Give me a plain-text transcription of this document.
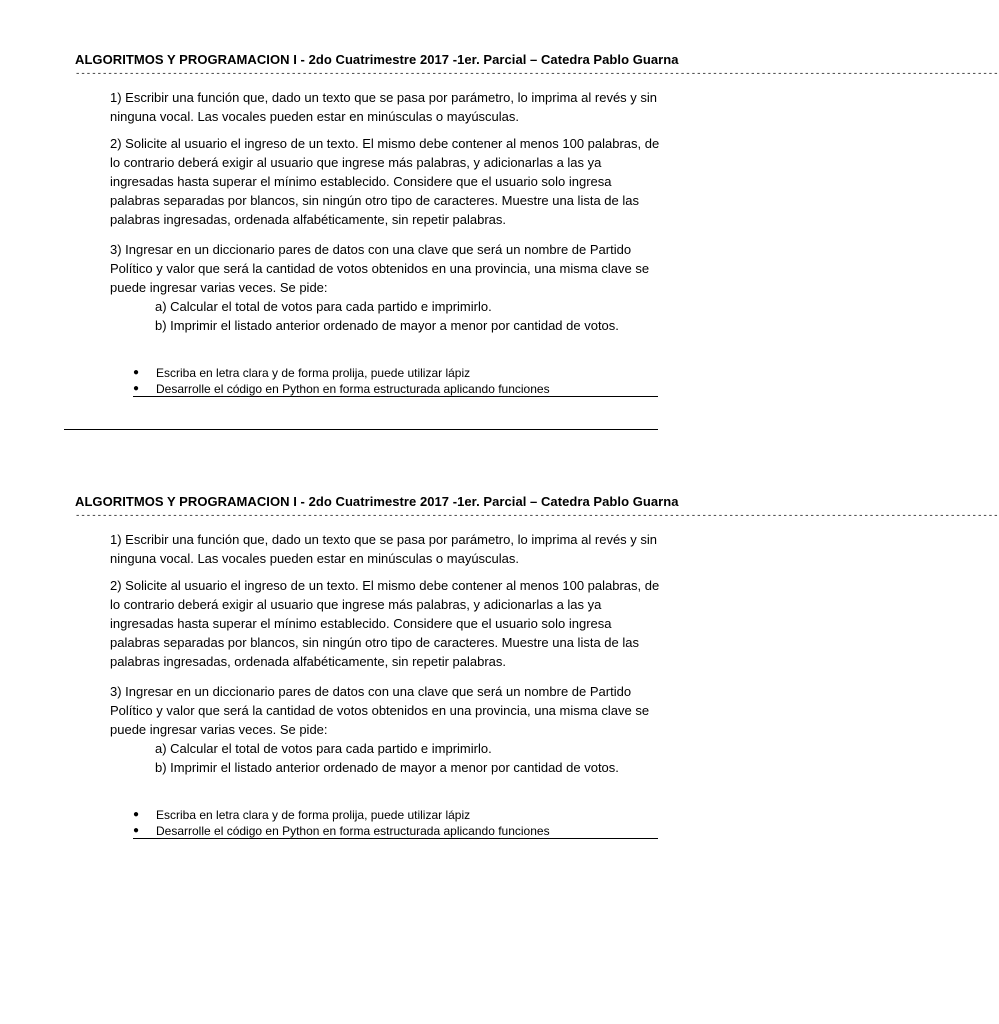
ALGORITMOS Y PROGRAMACION I - 2do Cuatrimestre 2017 -1er. Parcial – Catedra Pablo Guarna
---------------------------------------------------------------------------------------------------------------------------------------------------------------------------
1) Escribir una función que, dado un texto que se pasa por parámetro, lo imprima al revés y sin ninguna vocal. Las vocales pueden estar en minúsculas o mayúsculas.
2) Solicite al usuario el ingreso de un texto. El mismo debe contener al menos 100 palabras, de lo contrario deberá exigir al usuario que ingrese más palabras, y adicionarlas a las ya ingresadas hasta superar el mínimo establecido. Considere que el usuario solo ingresa palabras separadas por blancos, sin ningún otro tipo de caracteres. Muestre una lista de las palabras ingresadas, ordenada alfabéticamente, sin repetir palabras.
3) Ingresar en un diccionario pares de datos con una clave que será un nombre de Partido Político y valor que será la cantidad de votos obtenidos en una provincia, una misma clave se puede ingresar varias veces. Se pide:
a) Calcular el total de votos para cada partido e imprimirlo.
b) Imprimir el listado anterior ordenado de mayor a menor por cantidad de votos.
●	Escriba en letra clara y de forma prolija, puede utilizar lápiz
●	Desarrolle el código en Python en forma estructurada aplicando funciones
ALGORITMOS Y PROGRAMACION I - 2do Cuatrimestre 2017 -1er. Parcial – Catedra Pablo Guarna
---------------------------------------------------------------------------------------------------------------------------------------------------------------------------
1) Escribir una función que, dado un texto que se pasa por parámetro, lo imprima al revés y sin ninguna vocal. Las vocales pueden estar en minúsculas o mayúsculas.
2) Solicite al usuario el ingreso de un texto. El mismo debe contener al menos 100 palabras, de lo contrario deberá exigir al usuario que ingrese más palabras, y adicionarlas a las ya ingresadas hasta superar el mínimo establecido. Considere que el usuario solo ingresa palabras separadas por blancos, sin ningún otro tipo de caracteres. Muestre una lista de las palabras ingresadas, ordenada alfabéticamente, sin repetir palabras.
3) Ingresar en un diccionario pares de datos con una clave que será un nombre de Partido Político y valor que será la cantidad de votos obtenidos en una provincia, una misma clave se puede ingresar varias veces. Se pide:
a) Calcular el total de votos para cada partido e imprimirlo.
b) Imprimir el listado anterior ordenado de mayor a menor por cantidad de votos.
●	Escriba en letra clara y de forma prolija, puede utilizar lápiz
●	Desarrolle el código en Python en forma estructurada aplicando funciones
